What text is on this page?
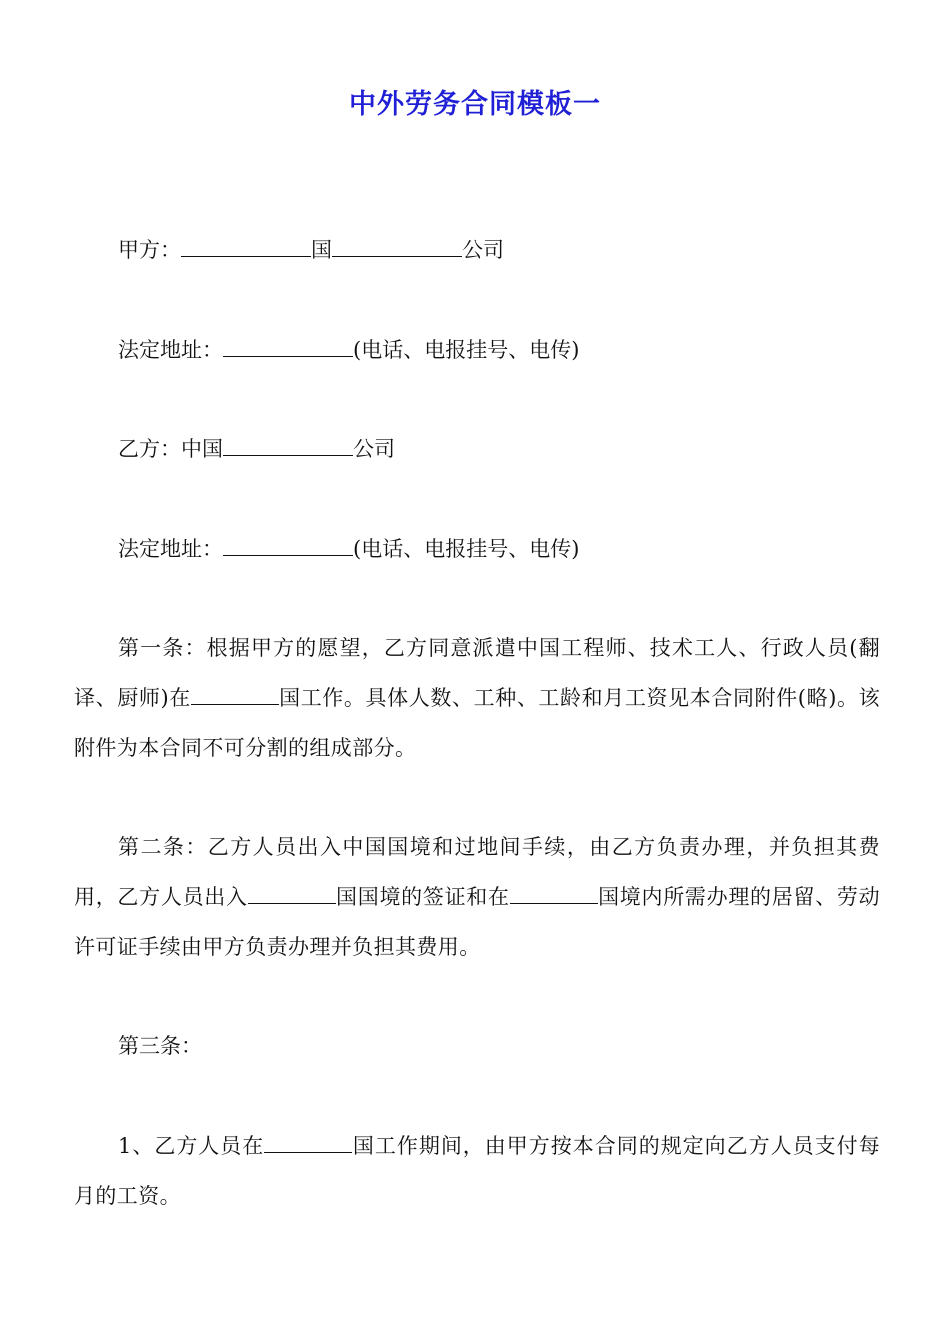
中外劳务合同模板一
甲方：	国	公司
法定地址：	(电话、电报挂号、电传)
乙方：中国	公司
法定地址：	(电话、电报挂号、电传)
第一条：根据甲方的愿望，乙方同意派遣中国工程师、技术工人、行政人员(翻译、厨师)在	国工作。具体人数、工种、工龄和月工资见本合同附件(略)。该附件为本合同不可分割的组成部分。
第二条：乙方人员出入中国国境和过地间手续，由乙方负责办理，并负担其费用，乙方人员出入	国国境的签证和在	国境内所需办理的居留、劳动许可证手续由甲方负责办理并负担其费用。
第三条：
1、乙方人员在	国工作期间，由甲方按本合同的规定向乙方人员支付每月的工资。
